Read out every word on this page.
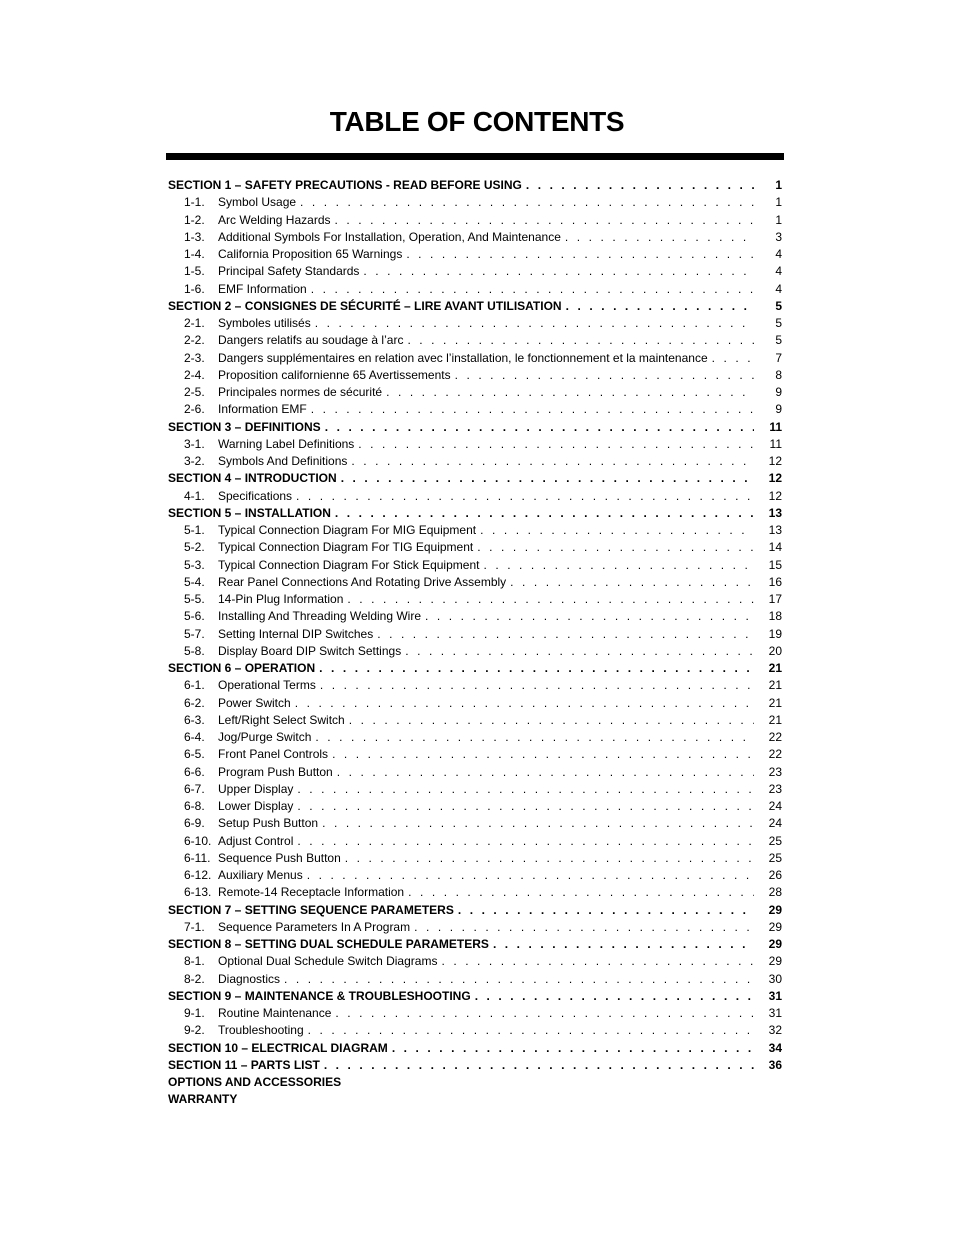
TABLE OF CONTENTS
SECTION 1 – SAFETY PRECAUTIONS - READ BEFORE USING . . .	1
1-1.	Symbol Usage . . .	1
1-2.	Arc Welding Hazards . . .	1
1-3.	Additional Symbols For Installation, Operation, And Maintenance . . .	3
1-4.	California Proposition 65 Warnings . . .	4
1-5.	Principal Safety Standards . . .	4
1-6.	EMF Information . . .	4
SECTION 2 – CONSIGNES DE SÉCURITÉ – LIRE AVANT UTILISATION . . .	5
2-1.	Symboles utilisés . . .	5
2-2.	Dangers relatifs au soudage à l’arc . . .	5
2-3.	Dangers supplémentaires en relation avec l’installation, le fonctionnement et la maintenance . . .	7
2-4.	Proposition californienne 65 Avertissements . . .	8
2-5.	Principales normes de sécurité . . .	9
2-6.	Information EMF . . .	9
SECTION 3 – DEFINITIONS . . .	11
3-1.	Warning Label Definitions . . .	11
3-2.	Symbols And Definitions . . .	12
SECTION 4 – INTRODUCTION . . .	12
4-1.	Specifications . . .	12
SECTION 5 – INSTALLATION . . .	13
5-1.	Typical Connection Diagram For MIG Equipment . . .	13
5-2.	Typical Connection Diagram For TIG Equipment . . .	14
5-3.	Typical Connection Diagram For Stick Equipment . . .	15
5-4.	Rear Panel Connections And Rotating Drive Assembly . . .	16
5-5.	14-Pin Plug Information . . .	17
5-6.	Installing And Threading Welding Wire . . .	18
5-7.	Setting Internal DIP Switches . . .	19
5-8.	Display Board DIP Switch Settings . . .	20
SECTION 6 – OPERATION . . .	21
6-1.	Operational Terms . . .	21
6-2.	Power Switch . . .	21
6-3.	Left/Right Select Switch . . .	21
6-4.	Jog/Purge Switch . . .	22
6-5.	Front Panel Controls . . .	22
6-6.	Program Push Button . . .	23
6-7.	Upper Display . . .	23
6-8.	Lower Display . . .	24
6-9.	Setup Push Button . . .	24
6-10. Adjust Control . . .	25
6-11. Sequence Push Button . . .	25
6-12. Auxiliary Menus . . .	26
6-13. Remote-14 Receptacle Information . . .	28
SECTION 7 – SETTING SEQUENCE PARAMETERS . . .	29
7-1.	Sequence Parameters In A Program . . .	29
SECTION 8 – SETTING DUAL SCHEDULE PARAMETERS . . .	29
8-1.	Optional Dual Schedule Switch Diagrams . . .	29
8-2.	Diagnostics . . .	30
SECTION 9 – MAINTENANCE & TROUBLESHOOTING . . .	31
9-1.	Routine Maintenance . . .	31
9-2.	Troubleshooting . . .	32
SECTION 10 – ELECTRICAL DIAGRAM . . .	34
SECTION 11 – PARTS LIST . . .	36
OPTIONS AND ACCESSORIES
WARRANTY
